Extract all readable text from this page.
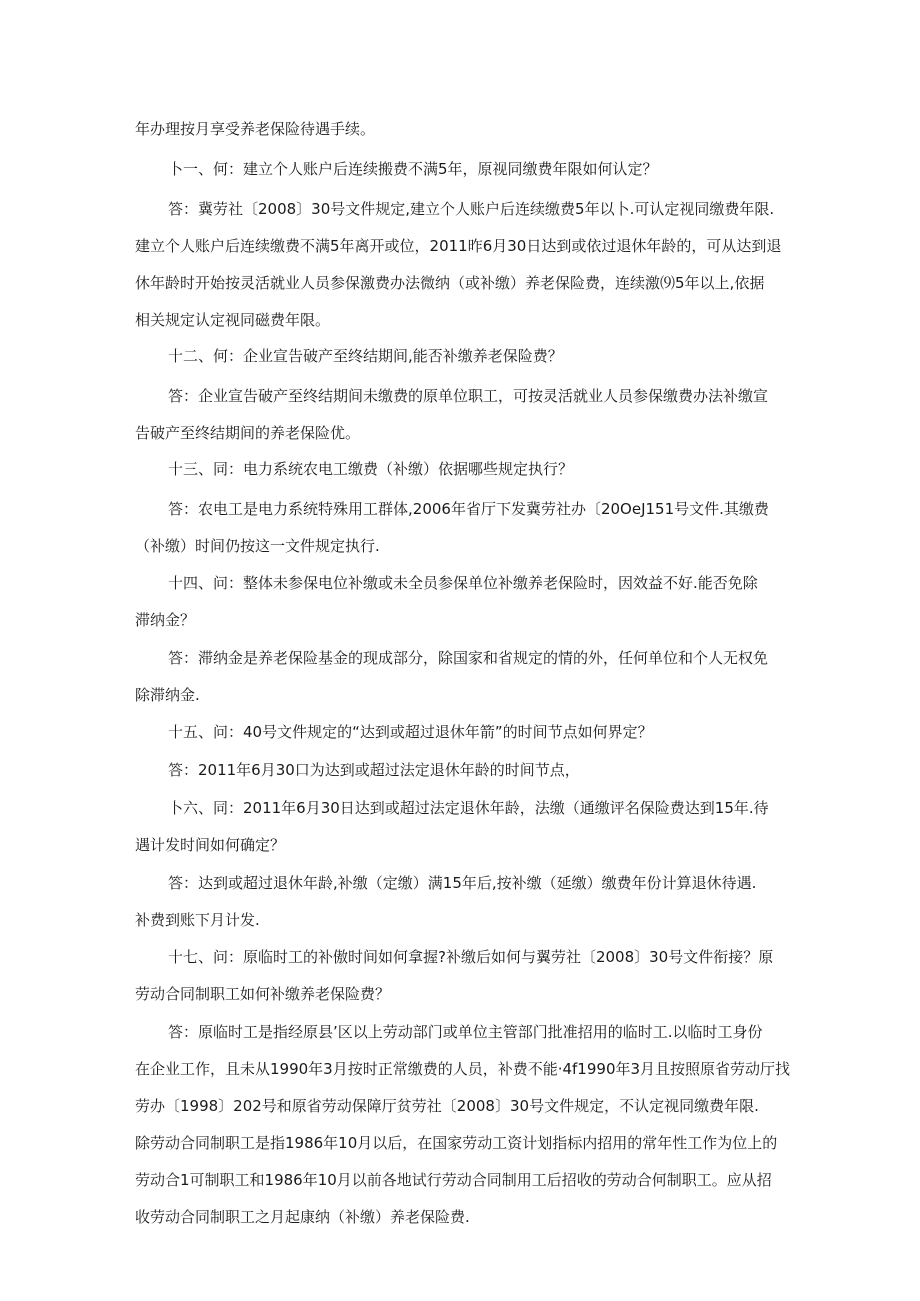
年办理按月享受养老保险待遇手续。
卜一、何：建立个人账户后连续搬费不满5年，原视同缴费年限如何认定？
答：冀劳社〔2008〕30号文件规定,建立个人账户后连续缴费5年以卜.可认定视同缴费年限.
建立个人账户后连续缴费不满5年离开或位，2011昨6月30日达到或依过退休年龄的，可从达到退
休年龄时开始按灵活就业人员参保激费办法微纳（或补缴）养老保险费，连续激⑼5年以上,依据
相关规定认定视同磁费年限。
十二、何：企业宣告破产至终结期间,能否补缴养老保险费？
答：企业宣告破产至终结期间未缴费的原单位职工，可按灵活就业人员参保缴费办法补缴宣
告破产至终结期间的养老保险优。
十三、同：电力系统农电工缴费（补缴）依据哪些规定执行？
答：农电工是电力系统特殊用工群体,2006年省厅下发冀劳社办〔20OeJ151号文件.其缴费
（补缴）时间仍按这一文件规定执行.
十四、问：整体未参保电位补缴或未全员参保单位补缴养老保险时，因效益不好.能否免除
滞纳金？
答：滞纳金是养老保险基金的现成部分，除国家和省规定的情的外，任何单位和个人无权免
除滞纳金.
十五、问：40号文件规定的“达到或超过退休年箭”的时间节点如何界定？
答：2011年6月30口为达到或超过法定退休年龄的时间节点，
卜六、同：2011年6月30日达到或超过法定退休年龄，法缴（通缴评名保险费达到15年.待
遇计发时间如何确定？
答：达到或超过退休年龄,补缴（定缴）满15年后,按补缴（延缴）缴费年份计算退休待遇.
补费到账下月计发.
十七、问：原临时工的补傲时间如何拿握?补缴后如何与翼劳社〔2008〕30号文件衔接？原
劳动合同制职工如何补缴养老保险费？
答：原临时工是指经原县’区以上劳动部门或单位主管部门批准招用的临时工.以临时工身份
在企业工作，且未从1990年3月按时正常缴费的人员，补费不能·4f1990年3月且按照原省劳动厅找
劳办〔1998〕202号和原省劳动保障厅贫劳社〔2008〕30号文件规定，不认定视同缴费年限.
除劳动合同制职工是指1986年10月以后，在国家劳动工资计划指标内招用的常年性工作为位上的
劳动合1可制职工和1986年10月以前各地试行劳动合同制用工后招收的劳动合何制职工。应从招
收劳动合同制职工之月起康纳（补缴）养老保险费.
